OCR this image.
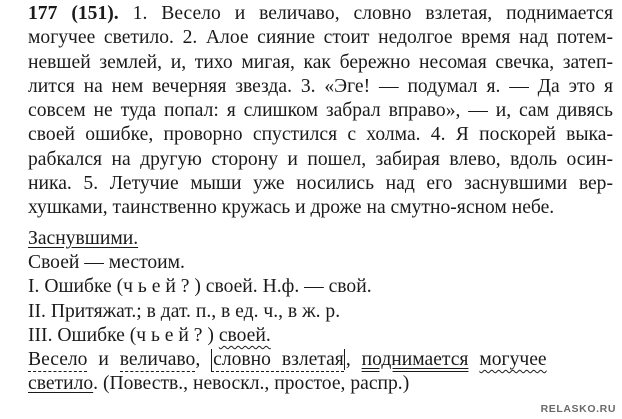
177 (151). 1. Весело и величаво, словно взлетая, поднимается
могучее светило. 2. Алое сияние стоит недолгое время над потем-
невшей землей, и, тихо мигая, как бережно несомая свечка, затеп-
лится на нем вечерняя звезда. 3. «Эге! — подумал я. — Да это я
совсем не туда попал: я слишком забрал вправо», — и, сам дивясь
своей ошибке, проворно спустился с холма. 4. Я поскорей выка-
рабкался на другую сторону и пошел, забирая влево, вдоль осин-
ника. 5. Летучие мыши уже носились над его заснувшими вер-
хушками, таинственно кружась и дроже на смутно-ясном небе.
Заснувшими.
Своей — местоим.
I. Ошибке (ч ь е й ? ) своей. Н.ф. — свой.
II. Притяжат.; в дат. п., в ед. ч., в ж. р.
III. Ошибке (ч ь е й ? ) своей.
Весело и величаво, словно взлетая , поднимается могучее
светило. (Повеств., невоскл., простое, распр.)
RELASKO.RU
